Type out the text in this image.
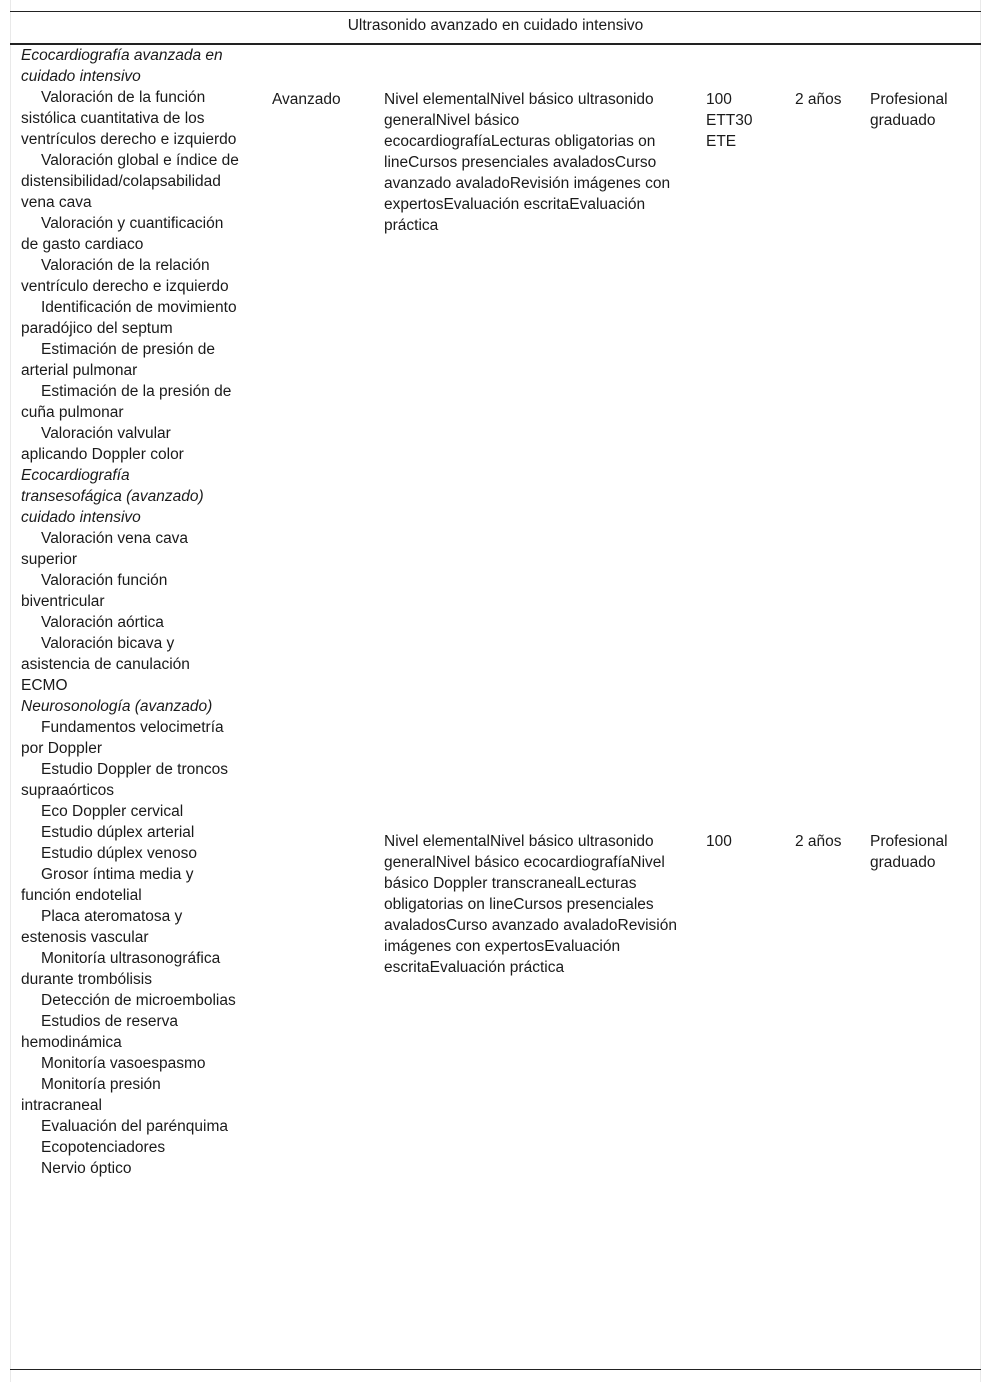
Ultrasonido avanzado en cuidado intensivo
Ecocardiografía avanzada en
cuidado intensivo
Valoración de la función sistólica cuantitativa de los ventrículos derecho e izquierdo
Valoración global e índice de distensibilidad/colapsabilidad vena cava
Valoración y cuantificación de gasto cardiaco
Valoración de la relación ventrículo derecho e izquierdo
Identificación de movimiento paradójico del septum
Estimación de presión de arterial pulmonar
Estimación de la presión de cuña pulmonar
Valoración valvular aplicando Doppler color
Ecocardiografía
transesofágica (avanzado)
cuidado intensivo
Valoración vena cava superior
Valoración función biventricular
Valoración aórtica
Valoración bicava y asistencia de canulación ECMO
Neurosonología (avanzado)
Fundamentos velocimetría por Doppler
Estudio Doppler de troncos supraaórticos
Eco Doppler cervical
Estudio dúplex arterial
Estudio dúplex venoso
Grosor íntima media y función endotelial
Placa ateromatosa y estenosis vascular
Monitoría ultrasonográfica durante trombólisis
Detección de microembolias
Estudios de reserva hemodinámica
Monitoría vasoespasmo
Monitoría presión intracraneal
Evaluación del parénquima
Ecopotenciadores
Nervio óptico
Avanzado	Nivel elementalNivel básico ultrasonido generalNivel básico ecocardiografíaLecturas obligatorias on lineCursos presenciales avaladosCurso avanzado avaladoRevisión imágenes con expertosEvaluación escritaEvaluación práctica
100
ETT30
ETE
2 años Profesional graduado
Nivel elementalNivel básico ultrasonido generalNivel básico ecocardiografíaNivel básico Doppler transcranealLecturas obligatorias on lineCursos presenciales avaladosCurso avanzado avaladoRevisión imágenes con expertosEvaluación escritaEvaluación práctica
100	2 años Profesional graduado
